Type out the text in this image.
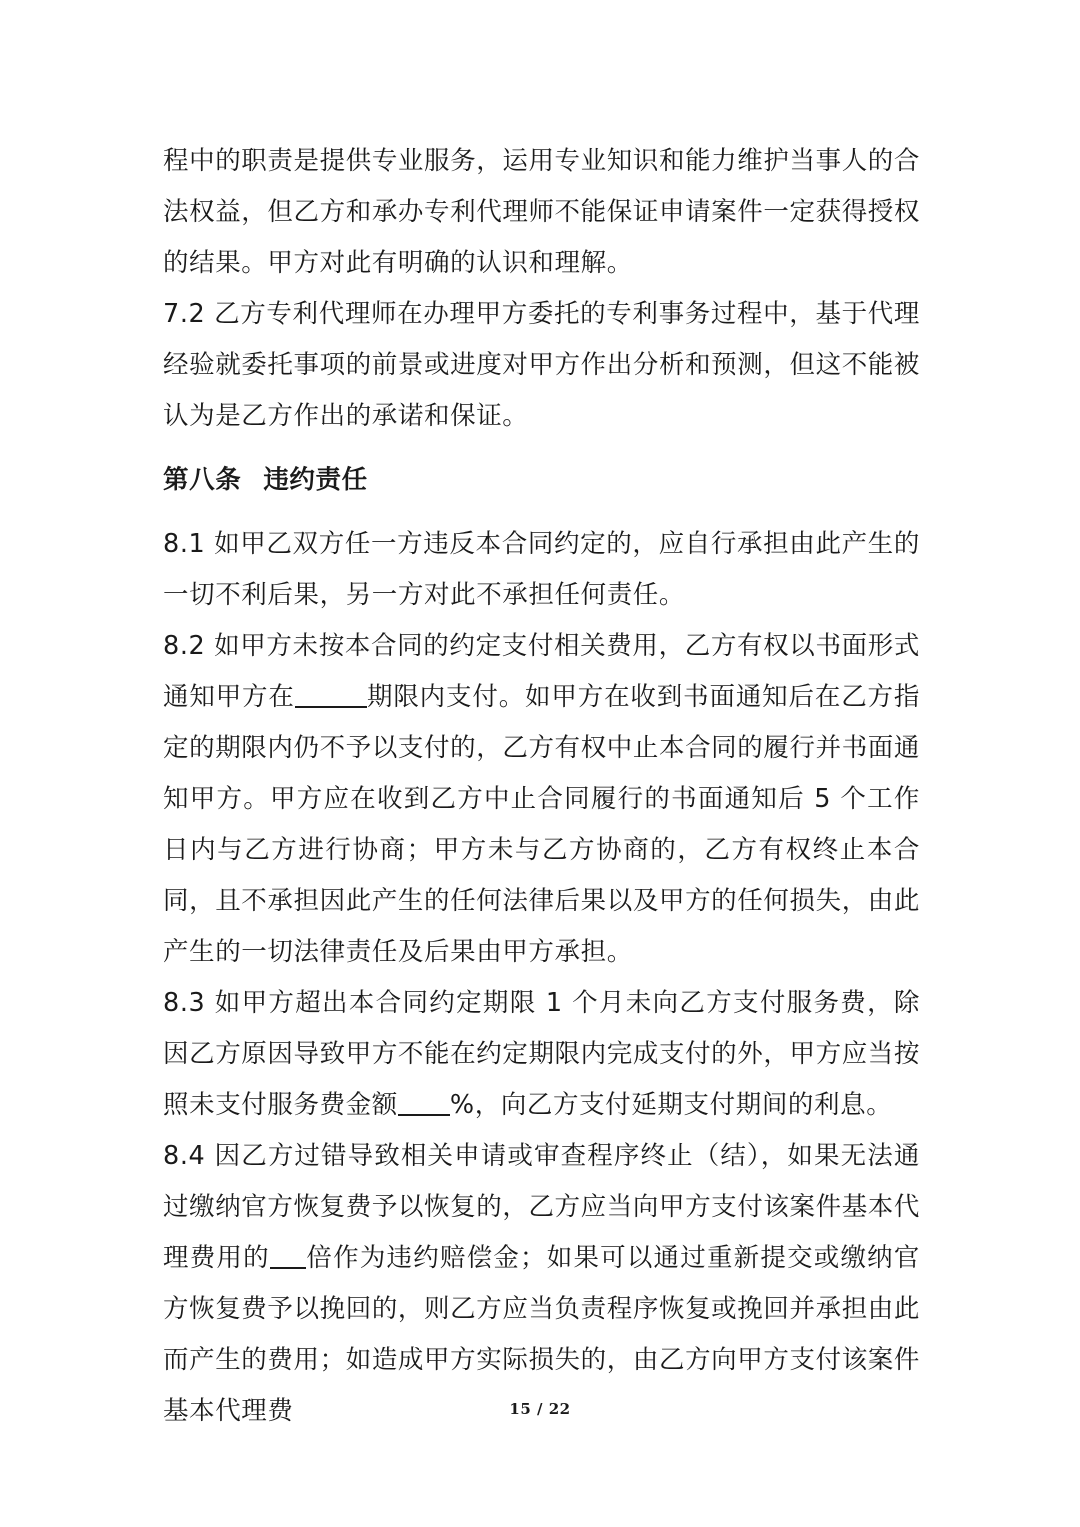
程中的职责是提供专业服务，运用专业知识和能力维护当事人的合法权益，但乙方和承办专利代理师不能保证申请案件一定获得授权的结果。甲方对此有明确的认识和理解。

7.2 乙方专利代理师在办理甲方委托的专利事务过程中，基于代理经验就委托事项的前景或进度对甲方作出分析和预测，但这不能被认为是乙方作出的承诺和保证。

第八条 违约责任

8.1 如甲乙双方任一方违反本合同约定的，应自行承担由此产生的一切不利后果，另一方对此不承担任何责任。

8.2 如甲方未按本合同的约定支付相关费用，乙方有权以书面形式通知甲方在	期限内支付。如甲方在收到书面通知后在乙方指定的期限内仍不予以支付的，乙方有权中止本合同的履行并书面通知甲方。甲方应在收到乙方中止合同履行的书面通知后 5 个工作日内与乙方进行协商；甲方未与乙方协商的，乙方有权终止本合同，且不承担因此产生的任何法律后果以及甲方的任何损失，由此产生的一切法律责任及后果由甲方承担。

8.3 如甲方超出本合同约定期限 1 个月未向乙方支付服务费，除因乙方原因导致甲方不能在约定期限内完成支付的外，甲方应当按照未支付服务费金额 %，向乙方支付延期支付期间的利息。

8.4 因乙方过错导致相关申请或审查程序终止（结），如果无法通过缴纳官方恢复费予以恢复的，乙方应当向甲方支付该案件基本代理费用的 倍作为违约赔偿金；如果可以通过重新提交或缴纳官方恢复费予以挽回的，则乙方应当负责程序恢复或挽回并承担由此而产生的费用；如造成甲方实际损失的，由乙方向甲方支付该案件基本代理费	15 / 22
